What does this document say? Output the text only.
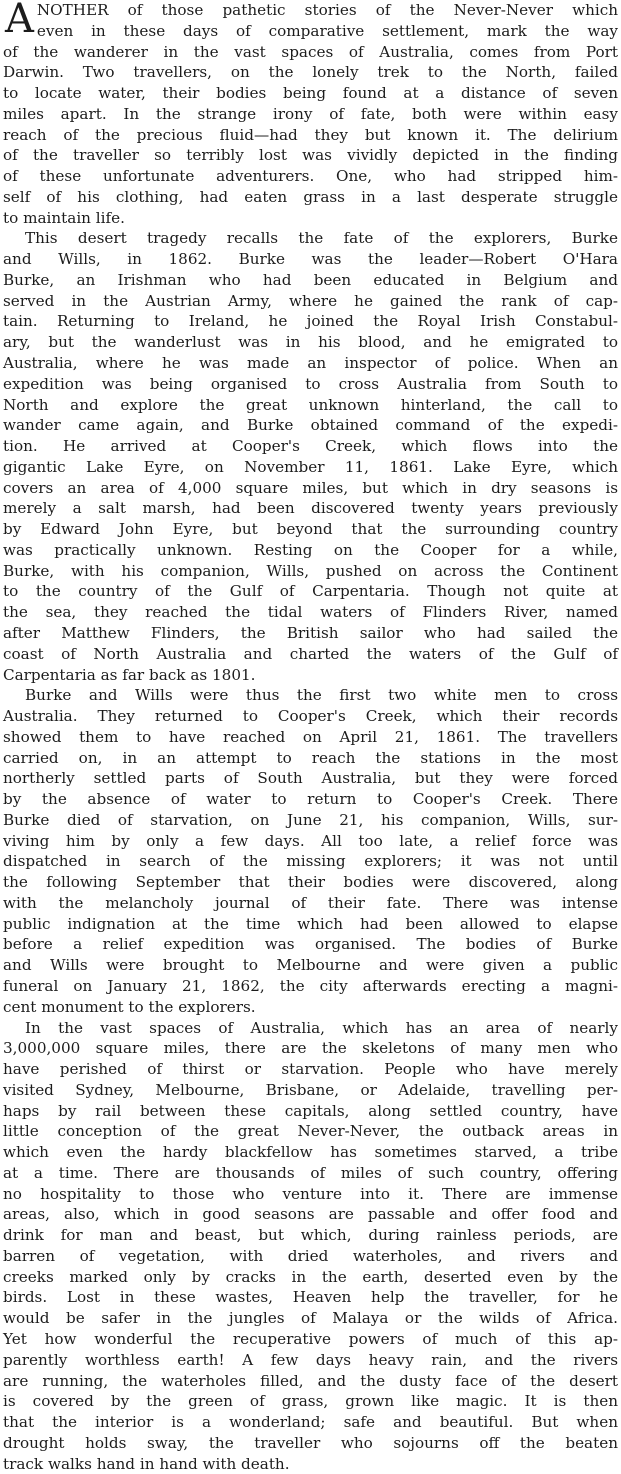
A NOTHER of those pathetic stories of the Never-Never which
even in these days of comparative settlement, mark the way
of the wanderer in the vast spaces of Australia, comes from Port
Darwin. Two travellers, on the lonely trek to the North, failed
to locate water, their bodies being found at a distance of seven
miles apart. In the strange irony of fate, both were within easy
reach of the precious fluid—had they but known it. The delirium
of the traveller so terribly lost was vividly depicted in the finding
of these unfortunate adventurers. One, who had stripped him-
self of his clothing, had eaten grass in a last desperate struggle
to maintain life.
This desert tragedy recalls the fate of the explorers, Burke
and Wills, in 1862. Burke was the leader—Robert O'Hara
Burke, an Irishman who had been educated in Belgium and
served in the Austrian Army, where he gained the rank of cap-
tain. Returning to Ireland, he joined the Royal Irish Constabul-
ary, but the wanderlust was in his blood, and he emigrated to
Australia, where he was made an inspector of police. When an
expedition was being organised to cross Australia from South to
North and explore the great unknown hinterland, the call to
wander came again, and Burke obtained command of the expedi-
tion. He arrived at Cooper's Creek, which flows into the
gigantic Lake Eyre, on November 11, 1861. Lake Eyre, which
covers an area of 4,000 square miles, but which in dry seasons is
merely a salt marsh, had been discovered twenty years previously
by Edward John Eyre, but beyond that the surrounding country
was practically unknown. Resting on the Cooper for a while,
Burke, with his companion, Wills, pushed on across the Continent
to the country of the Gulf of Carpentaria. Though not quite at
the sea, they reached the tidal waters of Flinders River, named
after Matthew Flinders, the British sailor who had sailed the
coast of North Australia and charted the waters of the Gulf of
Carpentaria as far back as 1801.
Burke and Wills were thus the first two white men to cross
Australia. They returned to Cooper's Creek, which their records
showed them to have reached on April 21, 1861. The travellers
carried on, in an attempt to reach the stations in the most
northerly settled parts of South Australia, but they were forced
by the absence of water to return to Cooper's Creek. There
Burke died of starvation, on June 21, his companion, Wills, sur-
viving him by only a few days. All too late, a relief force was
dispatched in search of the missing explorers; it was not until
the following September that their bodies were discovered, along
with the melancholy journal of their fate. There was intense
public indignation at the time which had been allowed to elapse
before a relief expedition was organised. The bodies of Burke
and Wills were brought to Melbourne and were given a public
funeral on January 21, 1862, the city afterwards erecting a magni-
cent monument to the explorers.
In the vast spaces of Australia, which has an area of nearly
3,000,000 square miles, there are the skeletons of many men who
have perished of thirst or starvation. People who have merely
visited Sydney, Melbourne, Brisbane, or Adelaide, travelling per-
haps by rail between these capitals, along settled country, have
little conception of the great Never-Never, the outback areas in
which even the hardy blackfellow has sometimes starved, a tribe
at a time. There are thousands of miles of such country, offering
no hospitality to those who venture into it. There are immense
areas, also, which in good seasons are passable and offer food and
drink for man and beast, but which, during rainless periods, are
barren of vegetation, with dried waterholes, and rivers and
creeks marked only by cracks in the earth, deserted even by the
birds. Lost in these wastes, Heaven help the traveller, for he
would be safer in the jungles of Malaya or the wilds of Africa.
Yet how wonderful the recuperative powers of much of this ap-
parently worthless earth! A few days heavy rain, and the rivers
are running, the waterholes filled, and the dusty face of the desert
is covered by the green of grass, grown like magic. It is then
that the interior is a wonderland; safe and beautiful. But when
drought holds sway, the traveller who sojourns off the beaten
track walks hand in hand with death.
